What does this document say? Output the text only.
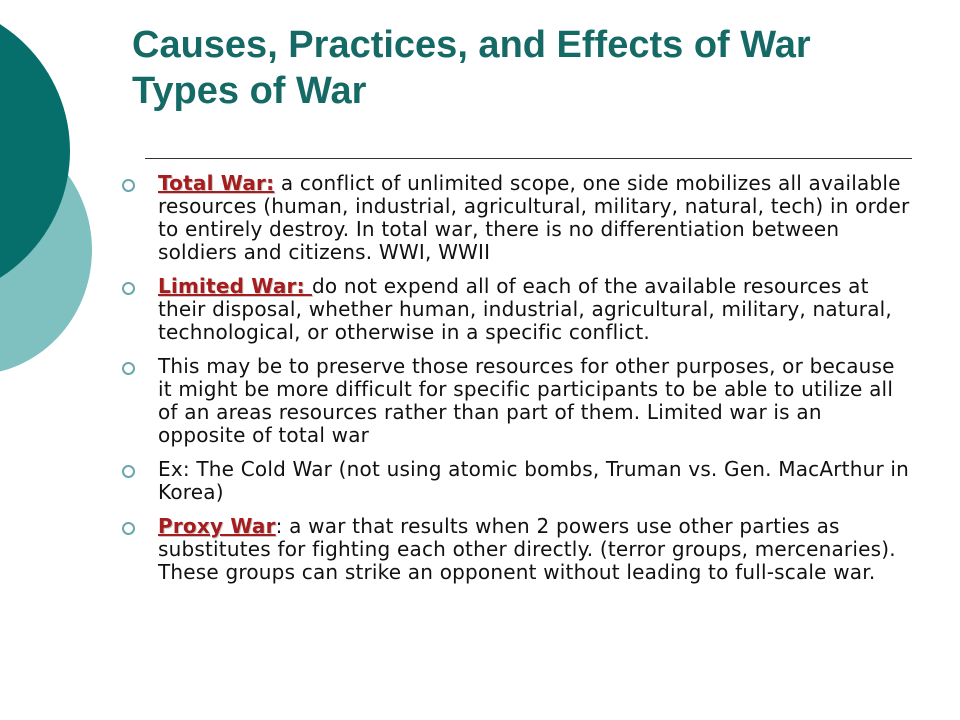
Causes, Practices, and Effects of War
Types of War
Total War: a conflict of unlimited scope, one side mobilizes all available resources (human, industrial, agricultural, military, natural, tech) in order to entirely destroy. In total war, there is no differentiation between soldiers and citizens. WWI, WWII
Limited War: do not expend all of each of the available resources at their disposal, whether human, industrial, agricultural, military, natural, technological, or otherwise in a specific conflict.
This may be to preserve those resources for other purposes, or because it might be more difficult for specific participants to be able to utilize all of an areas resources rather than part of them. Limited war is an opposite of total war
Ex: The Cold War (not using atomic bombs, Truman vs. Gen. MacArthur in Korea)
Proxy War: a war that results when 2 powers use other parties as substitutes for fighting each other directly. (terror groups, mercenaries). These groups can strike an opponent without leading to full-scale war.
